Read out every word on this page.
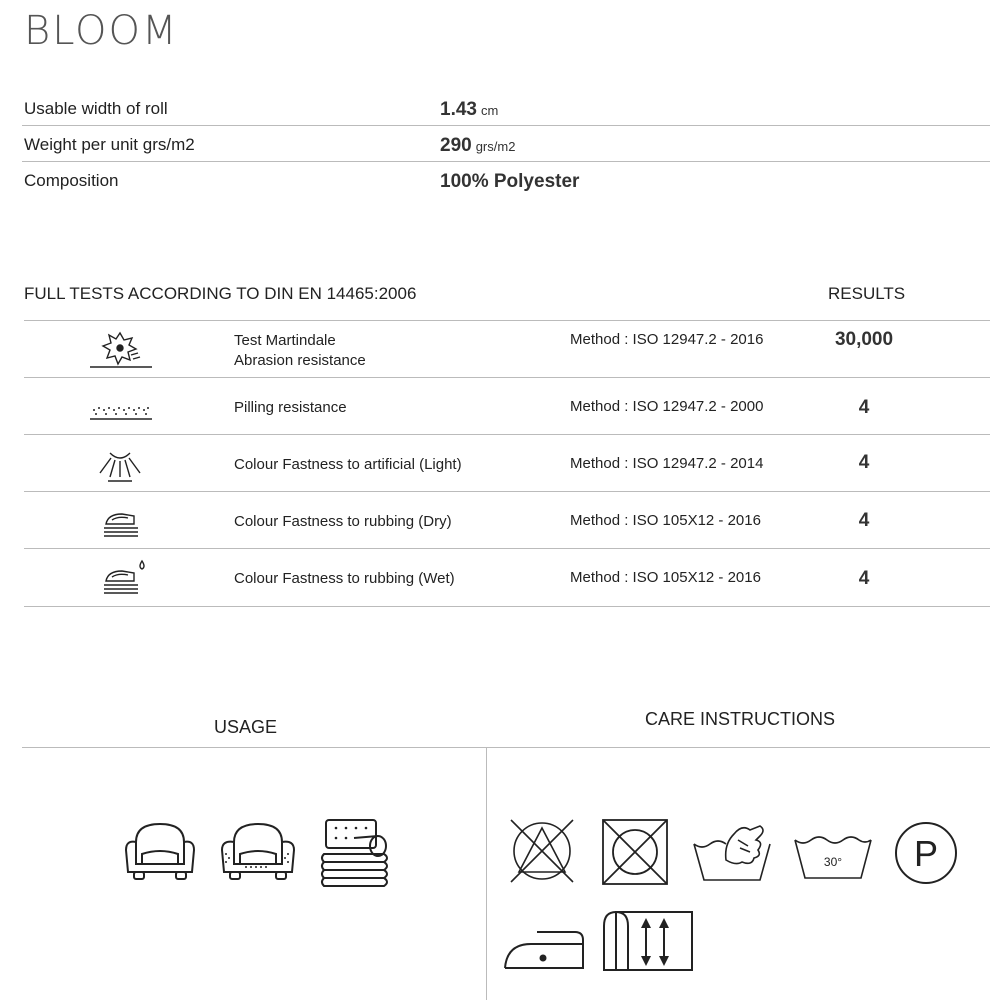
BLOOM
Usable width of roll	1.43 cm
Weight per unit grs/m2	290 grs/m2
Composition	100% Polyester
FULL TESTS ACCORDING TO DIN EN 14465:2006	RESULTS
Test Martindale
Abrasion resistance
Method : ISO 12947.2 - 2016	30,000
Pilling resistance	Method : ISO 12947.2 - 2000	4
Colour Fastness to artificial (Light)	Method : ISO 12947.2 - 2014	4
Colour Fastness to rubbing (Dry)	Method : ISO 105X12 - 2016	4
Colour Fastness to rubbing (Wet)	Method : ISO 105X12 - 2016	4
USAGE	CARE INSTRUCTIONS
30° P
